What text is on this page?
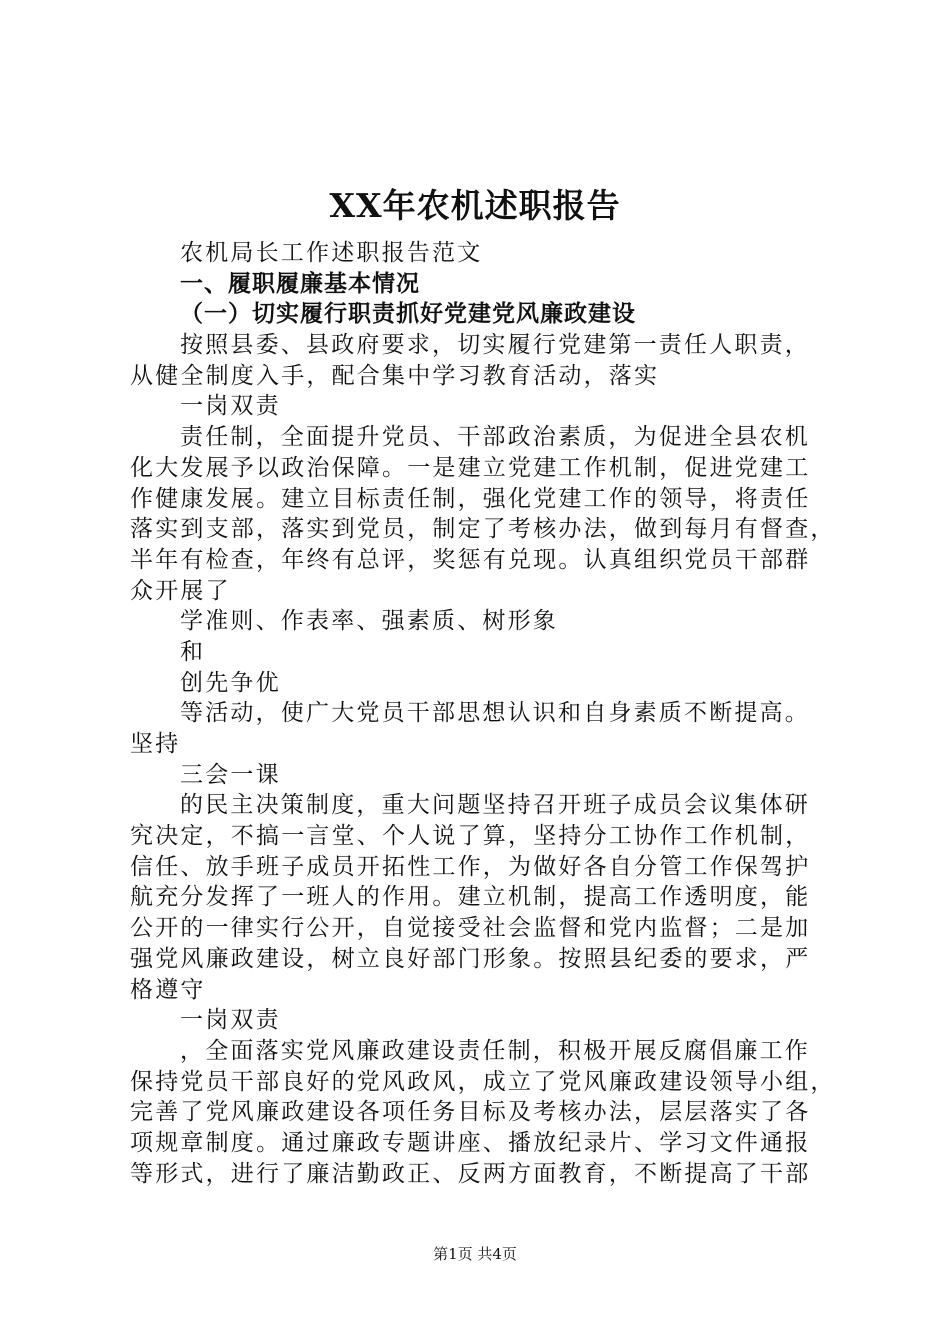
XX年农机述职报告
农机局长工作述职报告范文
一、履职履廉基本情况
（一）切实履行职责抓好党建党风廉政建设
按照县委、县政府要求，切实履行党建第一责任人职责，
从健全制度入手，配合集中学习教育活动，落实
一岗双责
责任制，全面提升党员、干部政治素质，为促进全县农机
化大发展予以政治保障。一是建立党建工作机制，促进党建工
作健康发展。建立目标责任制，强化党建工作的领导，将责任
落实到支部，落实到党员，制定了考核办法，做到每月有督查，
半年有检查，年终有总评，奖惩有兑现。认真组织党员干部群
众开展了
学准则、作表率、强素质、树形象
和
创先争优
等活动，使广大党员干部思想认识和自身素质不断提高。
坚持
三会一课
的民主决策制度，重大问题坚持召开班子成员会议集体研
究决定，不搞一言堂、个人说了算，坚持分工协作工作机制，
信任、放手班子成员开拓性工作，为做好各自分管工作保驾护
航充分发挥了一班人的作用。建立机制，提高工作透明度，能
公开的一律实行公开，自觉接受社会监督和党内监督；二是加
强党风廉政建设，树立良好部门形象。按照县纪委的要求，严
格遵守
一岗双责
，全面落实党风廉政建设责任制，积极开展反腐倡廉工作
保持党员干部良好的党风政风，成立了党风廉政建设领导小组，
完善了党风廉政建设各项任务目标及考核办法，层层落实了各
项规章制度。通过廉政专题讲座、播放纪录片、学习文件通报
等形式，进行了廉洁勤政正、反两方面教育，不断提高了干部
第1页 共4页
